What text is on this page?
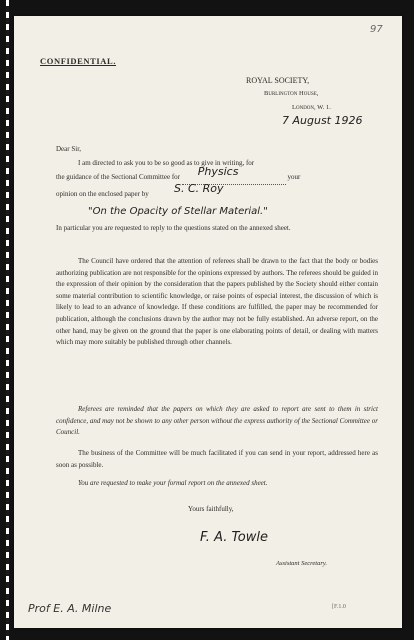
97
CONFIDENTIAL.
ROYAL SOCIETY,
Burlington House,
London, W. 1.
7 August 1926
Dear Sir,
I am directed to ask you to be so good as to give in writing, for
the guidance of the Sectional Committee for Physics	your
opinion on the enclosed paper by S. C. Roy
"On the Opacity of Stellar Material."
In particular you are requested to reply to the questions stated on the annexed sheet.
The Council have ordered that the attention of referees shall be drawn to the fact that the body or bodies authorizing publication are not responsible for the opinions expressed by authors. The referees should be guided in the expression of their opinion by the consideration that the papers published by the Society should either contain some material contribution to scientific knowledge, or raise points of especial interest, the discussion of which is likely to lead to an advance of knowledge. If these conditions are fulfilled, the paper may be recommended for publication, although the conclusions drawn by the author may not be fully established. An adverse report, on the other hand, may be given on the ground that the paper is one elaborating points of detail, or dealing with matters which may more suitably be published through other channels.
Referees are reminded that the papers on which they are asked to report are sent to them in strict confidence, and may not be shown to any other person without the express authority of the Sectional Committee or Council.
The business of the Committee will be much facilitated if you can send in your report, addressed here as soon as possible.
You are requested to make your formal report on the annexed sheet.
Yours faithfully,
F. A. Towle
Assistant Secretary.
[F.1.0
Prof E. A. Milne
